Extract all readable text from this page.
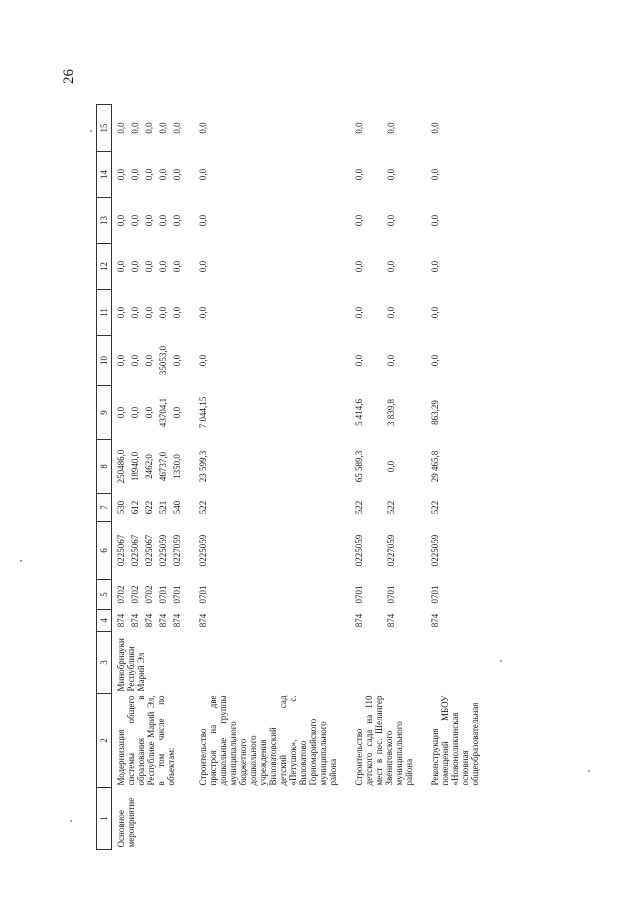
26
1	2	3	4	5	6	7	8	9	10	11	12	13	14	15

Основное мероприятие	Модернизация системы общего образования в Республике Марий Эл, в том числе по объектам:	Минобрнауки Республики Марий Эл	874	0702	0225067	530	250486,0	0,0	0,0	0,0	0,0	0,0	0,0	0,0
			874	0702	0225067	612	18940,0	0,0	0,0	0,0	0,0	0,0	0,0	0,0
			874	0702	0225067	622	2462,0	0,0	0,0	0,0	0,0	0,0	0,0	0,0
			874	0701	0225059	521	46737,0	43704,1	35053,0	0,0	0,0	0,0	0,0	0,0
			874	0701	0227059	540	1350,0	0,0	0,0	0,0	0,0	0,0	0,0	0,0

	Строительство пристроя на две дошкольные группы муниципального бюджетного дошкольного учреждения Виловатовский детский сад «Петушок», с. Виловатово Горномарийского муниципального района		874	0701	0225059	522	23 599,3	7 044,15	0,0	0,0	0,0	0,0	0,0	0,0

	Строительство детского сада на 110 мест в пос. Шелангер Звениговского муниципального района		874	0701	0225059	522	65 589,3	5 414,6	0,0	0,0	0,0	0,0	0,0	0,0
			874	0701	0227059	522	0,0	3 839,8	0,0	0,0	0,0	0,0	0,0	0,0

	Реконструкция помещений МБОУ «Новоноликинская основная общеобразовательная		874	0701	0225059	522	29 465,8	863,29	0,0	0,0	0,0	0,0	0,0	0,0
